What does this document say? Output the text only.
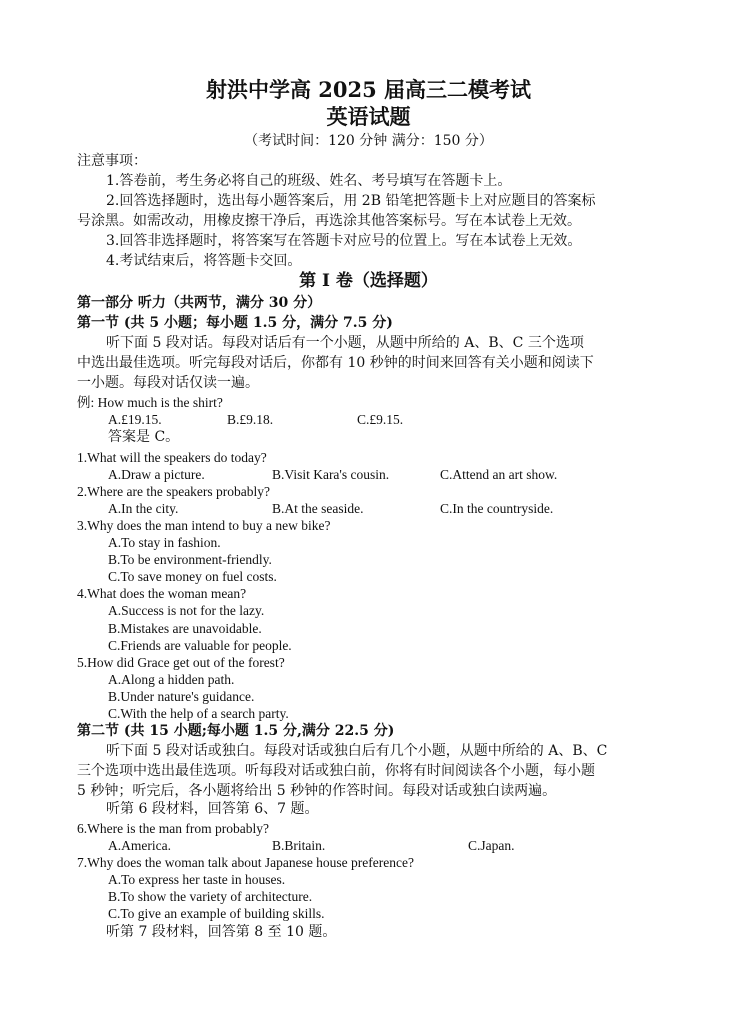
射洪中学高 2025 届高三二模考试
英语试题
（考试时间：120 分钟 满分：150 分）
注意事项：
1.答卷前，考生务必将自己的班级、姓名、考号填写在答题卡上。
2.回答选择题时，选出每小题答案后，用 2B 铅笔把答题卡上对应题目的答案标
号涂黑。如需改动，用橡皮擦干净后，再选涂其他答案标号。写在本试卷上无效。
3.回答非选择题时，将答案写在答题卡对应号的位置上。写在本试卷上无效。
4.考试结束后，将答题卡交回。
第 I 卷（选择题）
第一部分 听力（共两节，满分 30 分）
第一节 (共 5 小题；每小题 1.5 分，满分 7.5 分)
听下面 5 段对话。每段对话后有一个小题，从题中所给的 A、B、C 三个选项
中选出最佳选项。听完每段对话后，你都有 10 秒钟的时间来回答有关小题和阅读下
一小题。每段对话仅读一遍。
例: How much is the shirt?
A.£19.15.	B.£9.18.	C.£9.15.
答案是 C。
1.What will the speakers do today?
A.Draw a picture.	B.Visit Kara's cousin.	C.Attend an art show.
2.Where are the speakers probably?
A.In the city.	B.At the seaside.	C.In the countryside.
3.Why does the man intend to buy a new bike?
A.To stay in fashion.
B.To be environment-friendly.
C.To save money on fuel costs.
4.What does the woman mean?
A.Success is not for the lazy.
B.Mistakes are unavoidable.
C.Friends are valuable for people.
5.How did Grace get out of the forest?
A.Along a hidden path.
B.Under nature's guidance.
C.With the help of a search party.
第二节 (共 15 小题;每小题 1.5 分,满分 22.5 分)
听下面 5 段对话或独白。每段对话或独白后有几个小题，从题中所给的 A、B、C
三个选项中选出最佳选项。听每段对话或独白前，你将有时间阅读各个小题，每小题
5 秒钟；听完后，各小题将给出 5 秒钟的作答时间。每段对话或独白读两遍。
听第 6 段材料，回答第 6、7 题。
6.Where is the man from probably?
A.America.	B.Britain.	C.Japan.
7.Why does the woman talk about Japanese house preference?
A.To express her taste in houses.
B.To show the variety of architecture.
C.To give an example of building skills.
听第 7 段材料，回答第 8 至 10 题。
